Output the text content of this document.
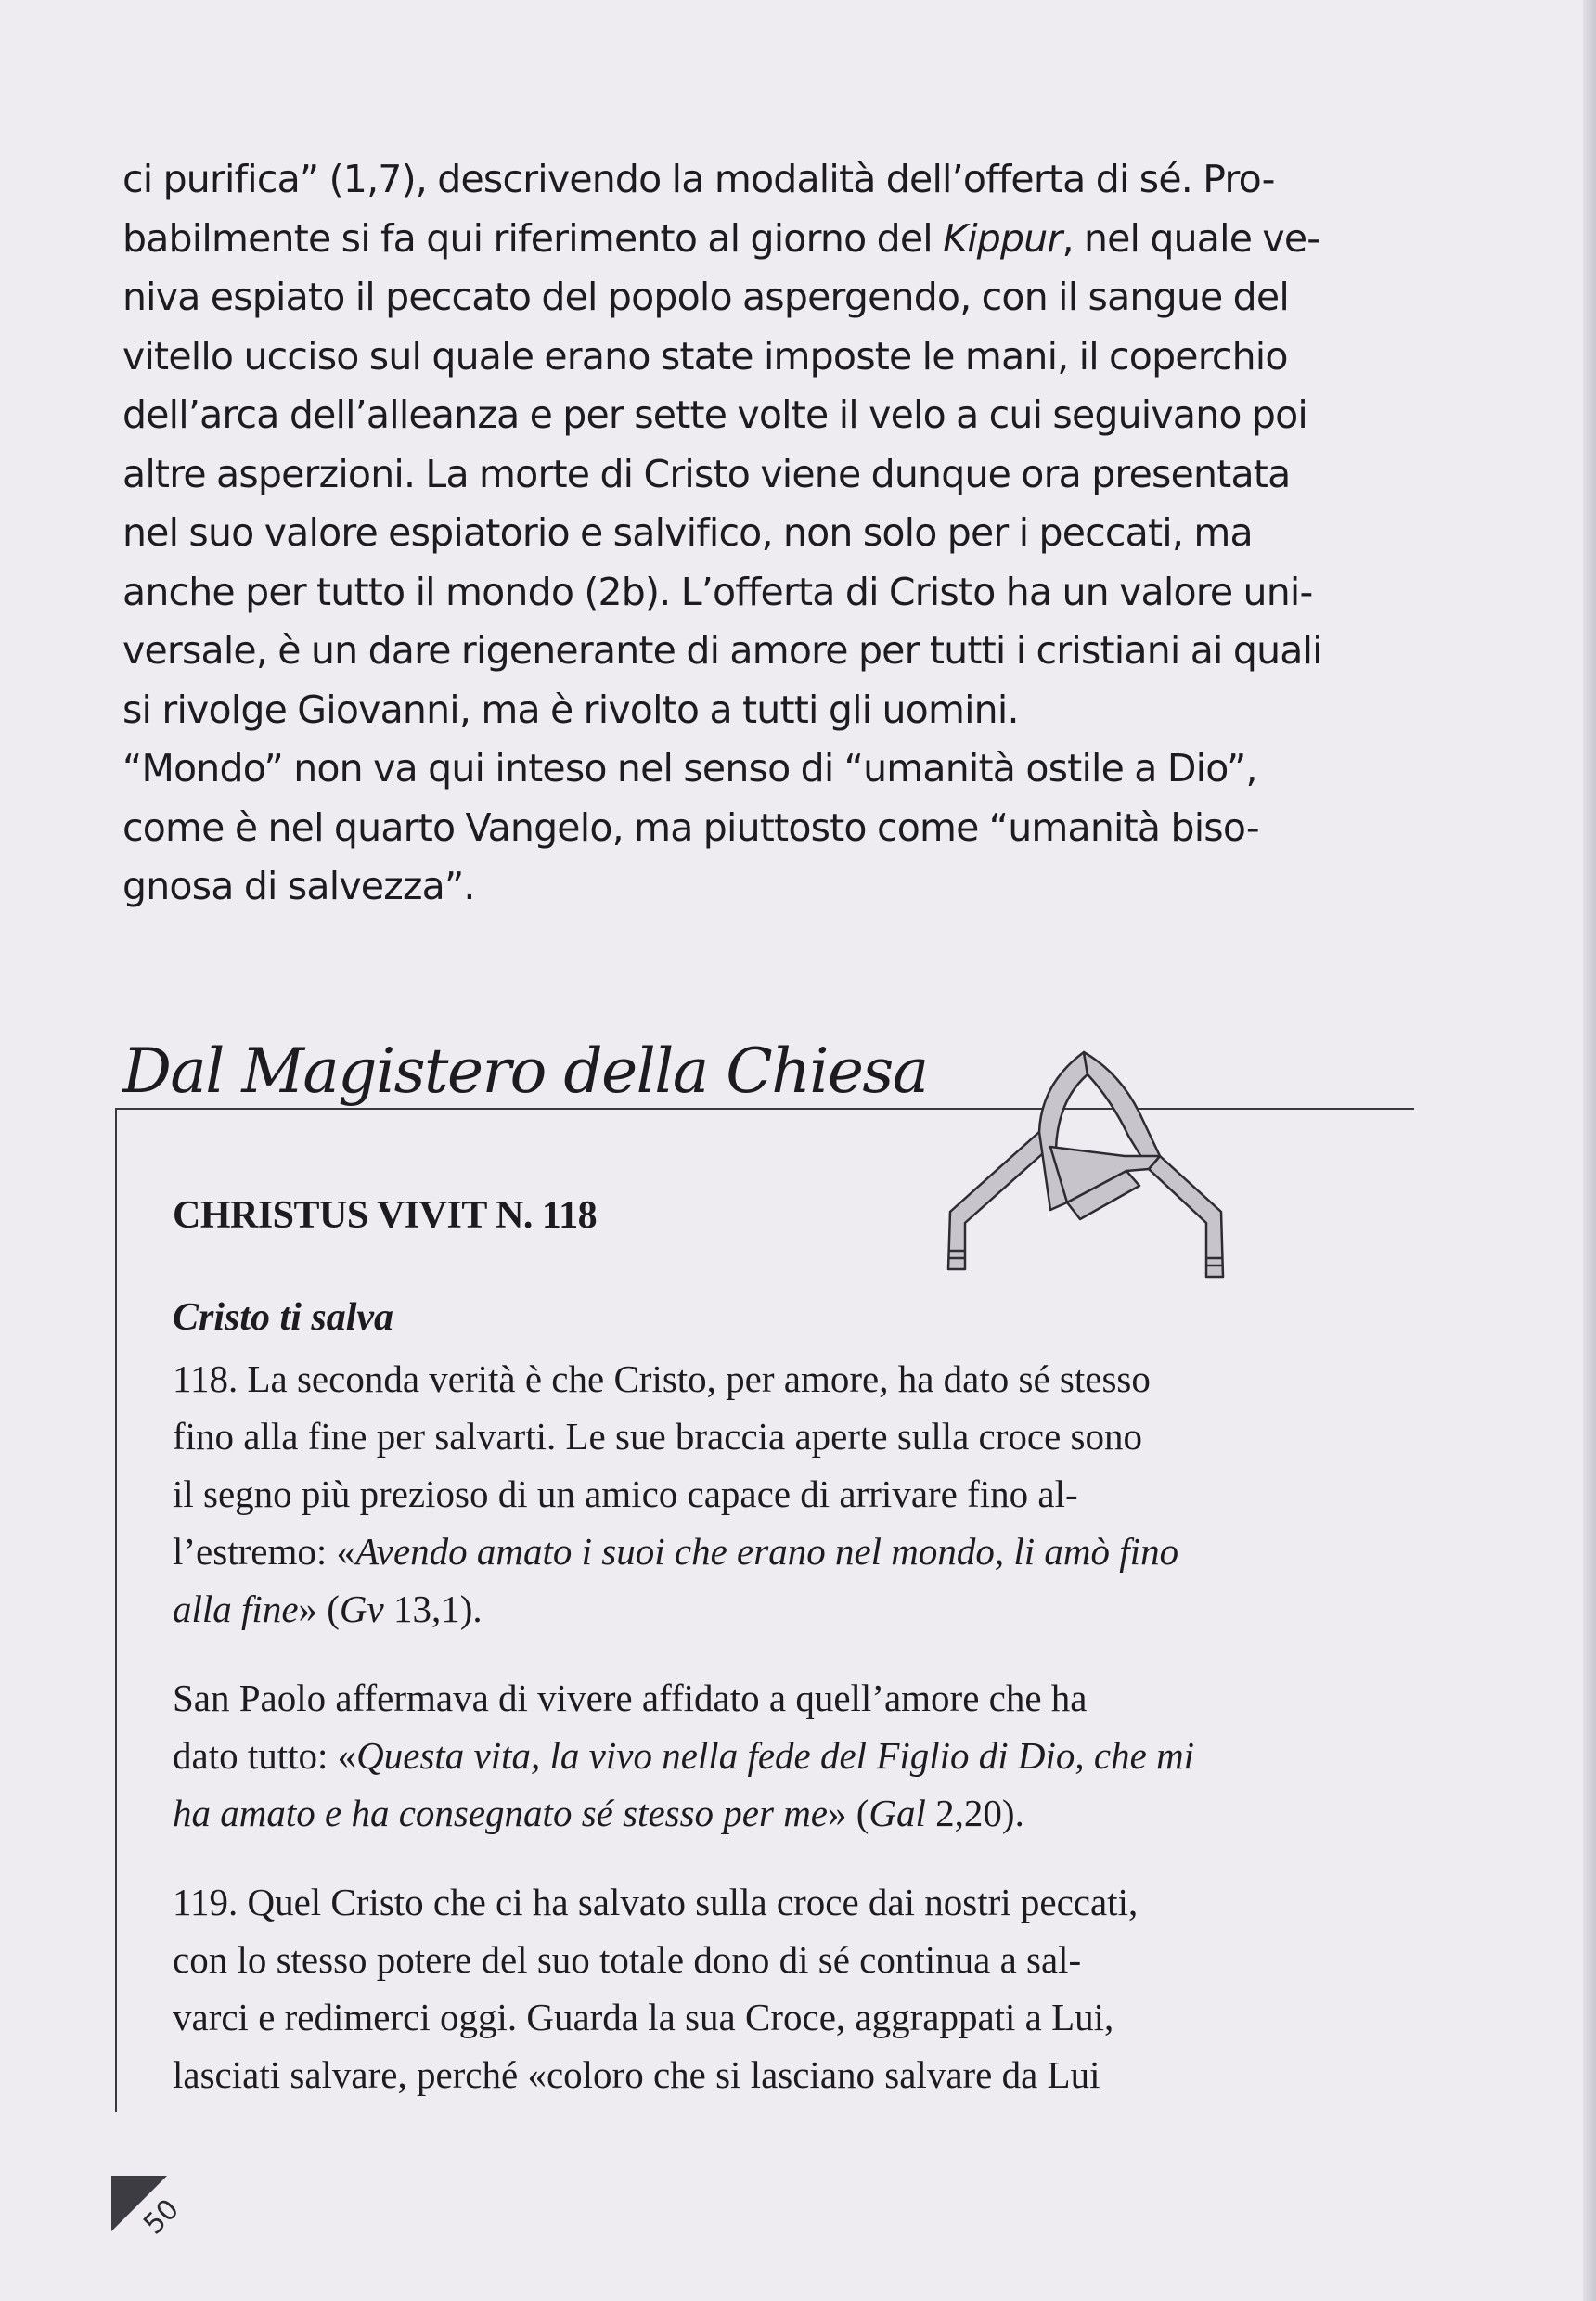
ci purifica” (1,7), descrivendo la modalità dell’offerta di sé. Pro-
babilmente si fa qui riferimento al giorno del Kippur, nel quale ve-
niva espiato il peccato del popolo aspergendo, con il sangue del
vitello ucciso sul quale erano state imposte le mani, il coperchio
dell’arca dell’alleanza e per sette volte il velo a cui seguivano poi
altre asperzioni. La morte di Cristo viene dunque ora presentata
nel suo valore espiatorio e salvifico, non solo per i peccati, ma
anche per tutto il mondo (2b). L’offerta di Cristo ha un valore uni-
versale, è un dare rigenerante di amore per tutti i cristiani ai quali
si rivolge Giovanni, ma è rivolto a tutti gli uomini.

“Mondo” non va qui inteso nel senso di “umanità ostile a Dio”,
come è nel quarto Vangelo, ma piuttosto come “umanità biso-
gnosa di salvezza”.

Dal Magistero della Chiesa
CHRISTUS VIVIT N. 118
Cristo ti salva

118. La seconda verità è che Cristo, per amore, ha dato sé stesso
fino alla fine per salvarti. Le sue braccia aperte sulla croce sono
il segno più prezioso di un amico capace di arrivare fino al-
l’estremo: «Avendo amato i suoi che erano nel mondo, li amò fino
alla fine» (Gv 13,1).

San Paolo affermava di vivere affidato a quell’amore che ha
dato tutto: «Questa vita, la vivo nella fede del Figlio di Dio, che mi
ha amato e ha consegnato sé stesso per me» (Gal 2,20).

119. Quel Cristo che ci ha salvato sulla croce dai nostri peccati,
con lo stesso potere del suo totale dono di sé continua a sal-
varci e redimerci oggi. Guarda la sua Croce, aggrappati a Lui,
lasciati salvare, perché «coloro che si lasciano salvare da Lui

50
